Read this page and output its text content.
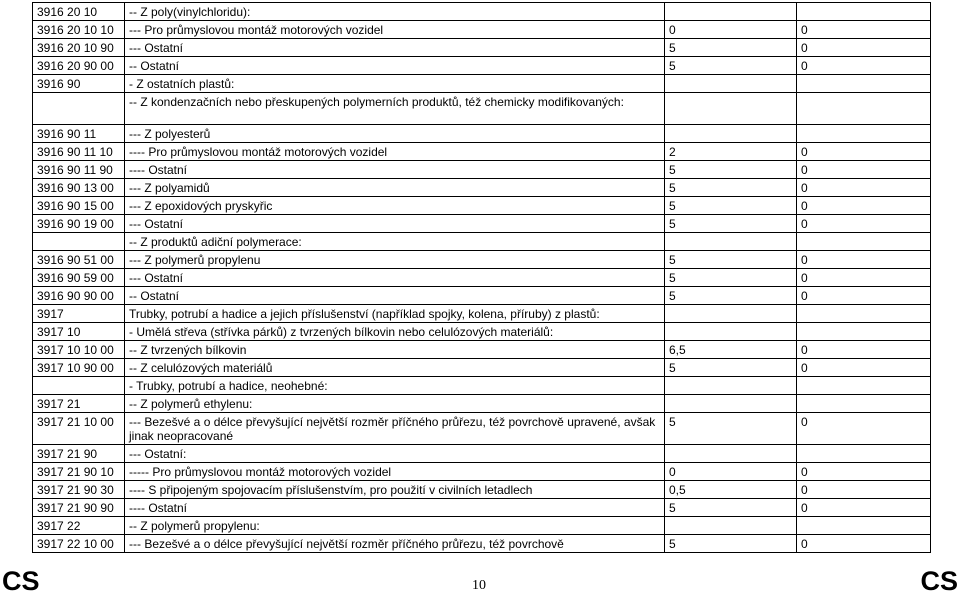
3916 20 10	-- Z poly(vinylchloridu):		
3916 20 10 10	--- Pro průmyslovou montáž motorových vozidel	0	0
3916 20 10 90	--- Ostatní	5	0
3916 20 90 00	-- Ostatní	5	0
3916 90	- Z ostatních plastů:		
	-- Z kondenzačních nebo přeskupených polymerních produktů, též chemicky modifikovaných:		
3916 90 11	--- Z polyesterů		
3916 90 11 10	---- Pro průmyslovou montáž motorových vozidel	2	0
3916 90 11 90	---- Ostatní	5	0
3916 90 13 00	--- Z polyamidů	5	0
3916 90 15 00	--- Z epoxidových pryskyřic	5	0
3916 90 19 00	--- Ostatní	5	0
	-- Z produktů adiční polymerace:		
3916 90 51 00	--- Z polymerů propylenu	5	0
3916 90 59 00	--- Ostatní	5	0
3916 90 90 00	-- Ostatní	5	0
3917	Trubky, potrubí a hadice a jejich příslušenství (například spojky, kolena, příruby) z plastů:		
3917 10	- Umělá střeva (střívka párků) z tvrzených bílkovin nebo celulózových materiálů:		
3917 10 10 00	-- Z tvrzených bílkovin	6,5	0
3917 10 90 00	-- Z celulózových materiálů	5	0
	- Trubky, potrubí a hadice, neohebné:		
3917 21	-- Z polymerů ethylenu:		
3917 21 10 00	--- Bezešvé a o délce převyšující největší rozměr příčného průřezu, též povrchově upravené, avšak jinak neopracované	5	0
3917 21 90	--- Ostatní:		
3917 21 90 10	----- Pro průmyslovou montáž motorových vozidel	0	0
3917 21 90 30	---- S připojeným spojovacím příslušenstvím, pro použití v civilních letadlech	0,5	0
3917 21 90 90	---- Ostatní	5	0
3917 22	-- Z polymerů propylenu:		
3917 22 10 00	--- Bezešvé a o délce převyšující největší rozměr příčného průřezu, též povrchově	5	0
CS	10	CS
